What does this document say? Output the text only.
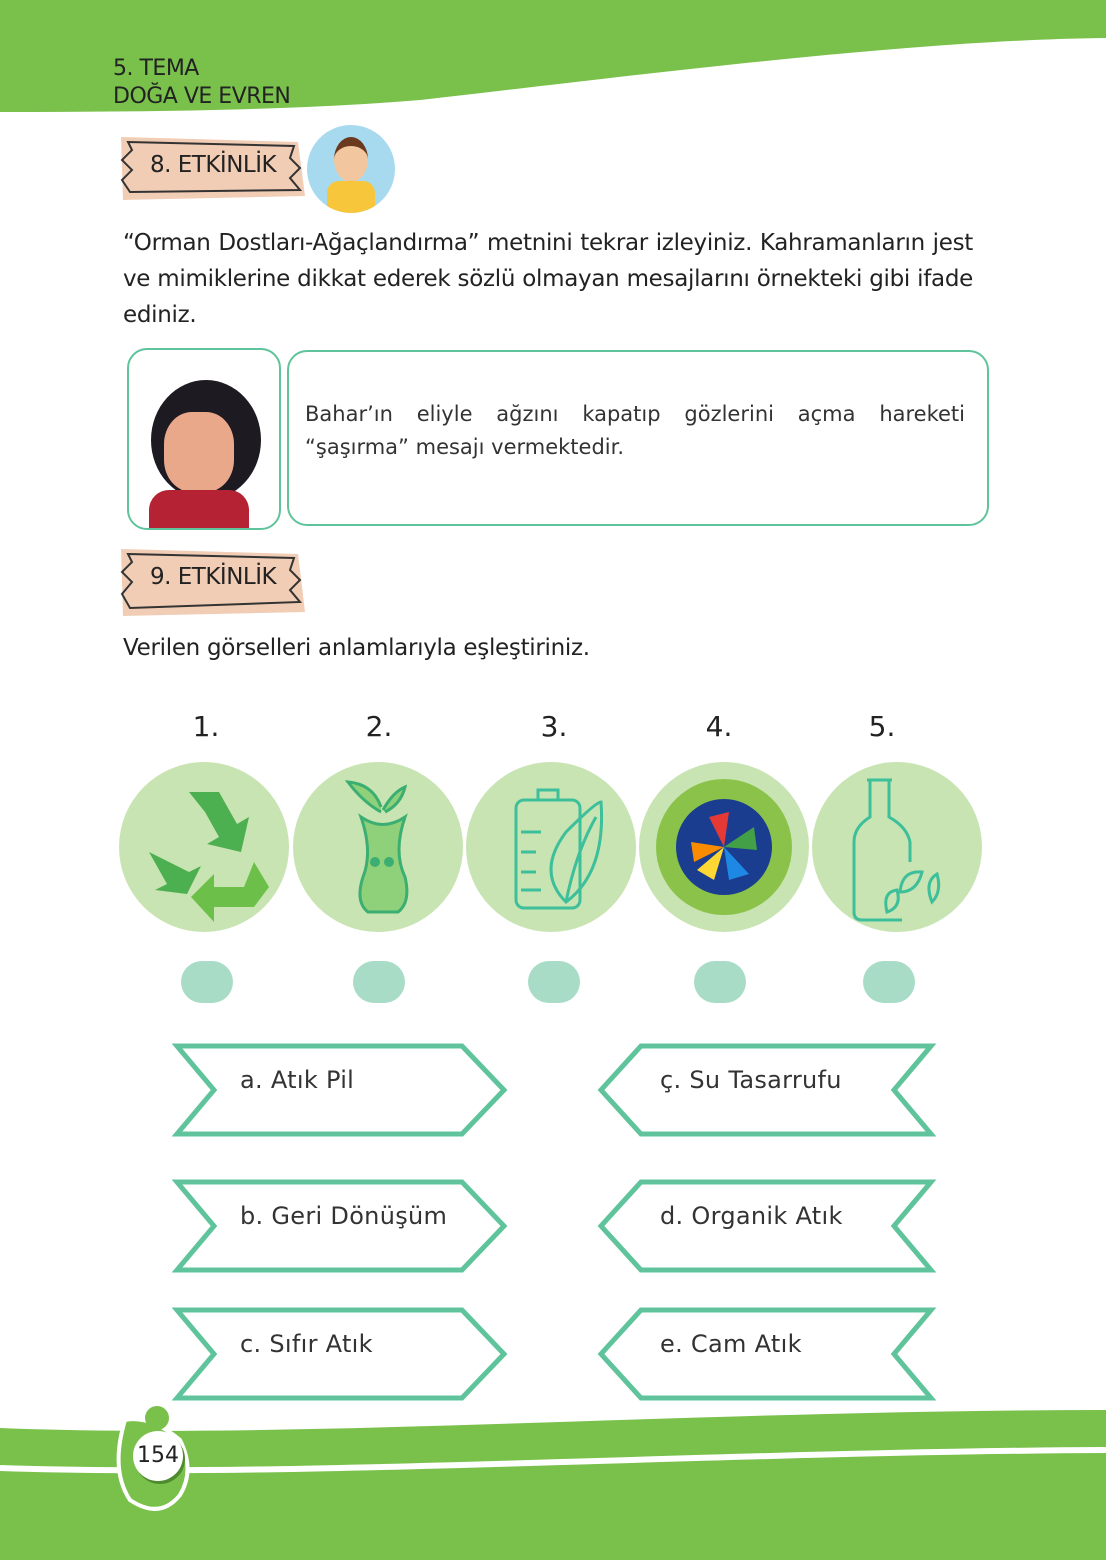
5. TEMA
DOĞA VE EVREN
8. ETKİNLİK
“Orman Dostları-Ağaçlandırma” metnini tekrar izleyiniz. Kahramanların jest ve mimiklerine dikkat ederek sözlü olmayan mesajlarını örnekteki gibi ifade ediniz.
Bahar’ın eliyle ağzını kapatıp gözlerini açma hareketi “şaşırma” mesajı vermektedir.
9. ETKİNLİK
Verilen görselleri anlamlarıyla eşleştiriniz.
1.	2.	3.	4.	5.
a. Atık Pil
b. Geri Dönüşüm
c. Sıfır Atık
ç. Su Tasarrufu
d. Organik Atık
e. Cam Atık
154
